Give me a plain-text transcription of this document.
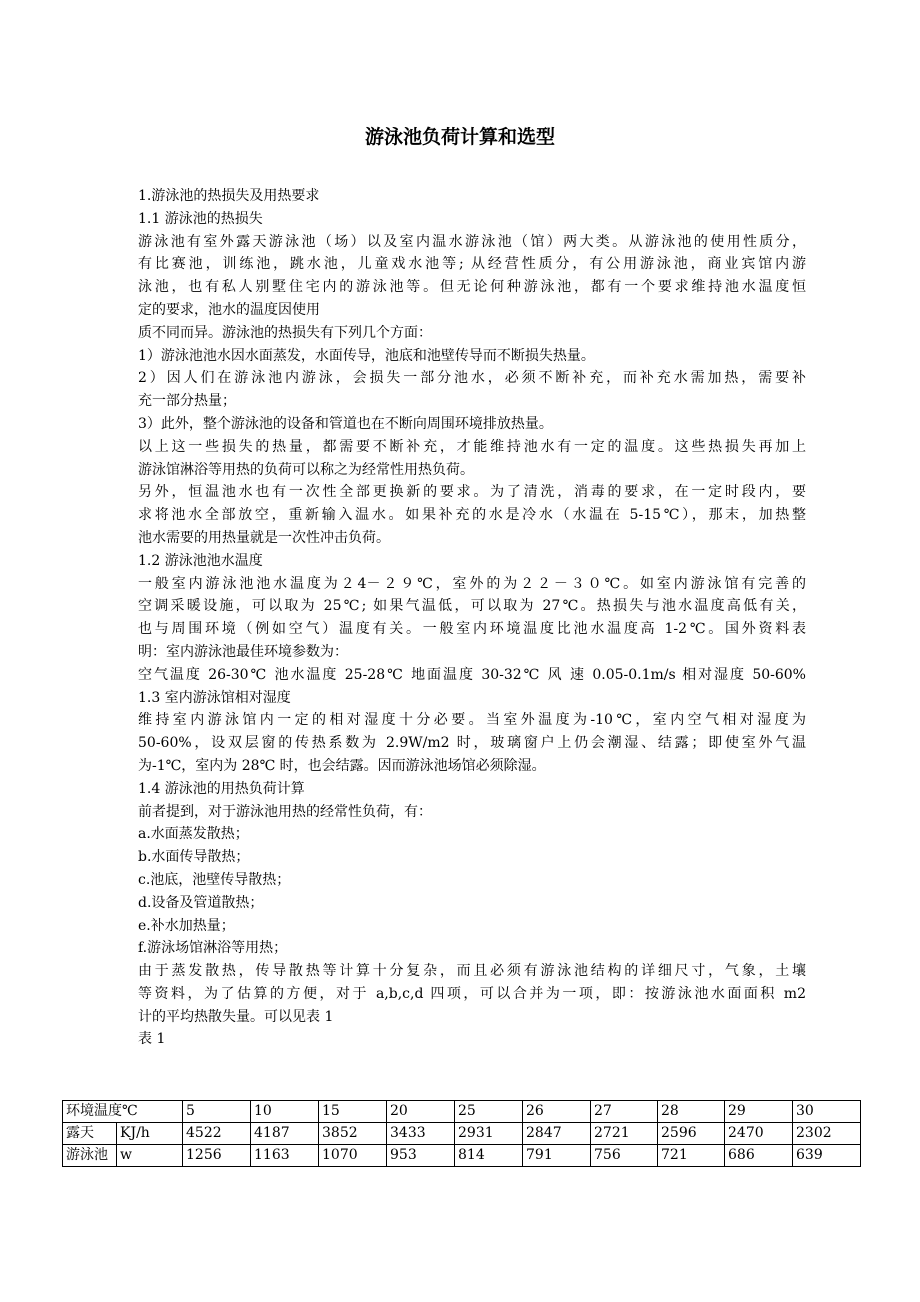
游泳池负荷计算和选型
1.游泳池的热损失及用热要求
1.1 游泳池的热损失
游泳池有室外露天游泳池（场）以及室内温水游泳池（馆）两大类。从游泳池的使用性质分，
有比赛池，训练池，跳水池，儿童戏水池等; 从经营性质分，有公用游泳池，商业宾馆内游
泳池，也有私人别墅住宅内的游泳池等。但无论何种游泳池，都有一个要求维持池水温度恒
定的要求，池水的温度因使用
质不同而异。游泳池的热损失有下列几个方面：
1）游泳池池水因水面蒸发，水面传导，池底和池壁传导而不断损失热量。
2）因人们在游泳池内游泳，会损失一部分池水，必须不断补充，而补充水需加热，需要补
充一部分热量；
3）此外，整个游泳池的设备和管道也在不断向周围环境排放热量。
以上这一些损失的热量，都需要不断补充，才能维持池水有一定的温度。这些热损失再加上
游泳馆淋浴等用热的负荷可以称之为经常性用热负荷。
另外，恒温池水也有一次性全部更换新的要求。为了清洗，消毒的要求，在一定时段内，要
求将池水全部放空，重新输入温水。如果补充的水是冷水（水温在 5-15℃），那末，加热整
池水需要的用热量就是一次性冲击负荷。
1.2 游泳池池水温度
一般室内游泳池池水温度为２4－２９℃，室外的为２２－３０℃。如室内游泳馆有完善的
空调采暖设施，可以取为 25℃; 如果气温低，可以取为 27℃。热损失与池水温度高低有关，
也与周围环境（例如空气）温度有关。一般室内环境温度比池水温度高 1-2℃。国外资料表
明：室内游泳池最佳环境参数为：
空气温度 26-30℃ 池水温度 25-28℃ 地面温度 30-32℃ 风 速 0.05-0.1m/s 相对湿度 50-60%
1.3 室内游泳馆相对湿度
维持室内游泳馆内一定的相对湿度十分必要。当室外温度为-10℃，室内空气相对湿度为
50-60%，设双层窗的传热系数为 2.9W/m2 时，玻璃窗户上仍会潮湿、结露；即使室外气温
为-1℃，室内为 28℃ 时，也会结露。因而游泳池场馆必须除湿。
1.4 游泳池的用热负荷计算
前者提到，对于游泳池用热的经常性负荷，有：
a.水面蒸发散热；
b.水面传导散热；
c.池底，池壁传导散热；
d.设备及管道散热；
e.补水加热量；
f.游泳场馆淋浴等用热；
由于蒸发散热，传导散热等计算十分复杂，而且必须有游泳池结构的详细尺寸，气象，土壤
等资料，为了估算的方便，对于 a,b,c,d 四项，可以合并为一项，即：按游泳池水面面积 m2
计的平均热散失量。可以见表 1
表 1
环境温度℃		5	10	15	20	25	26	27	28	29	30
露天	KJ/h	4522	4187	3852	3433	2931	2847	2721	2596	2470	2302
游泳池	w	1256	1163	1070	953	814	791	756	721	686	639
